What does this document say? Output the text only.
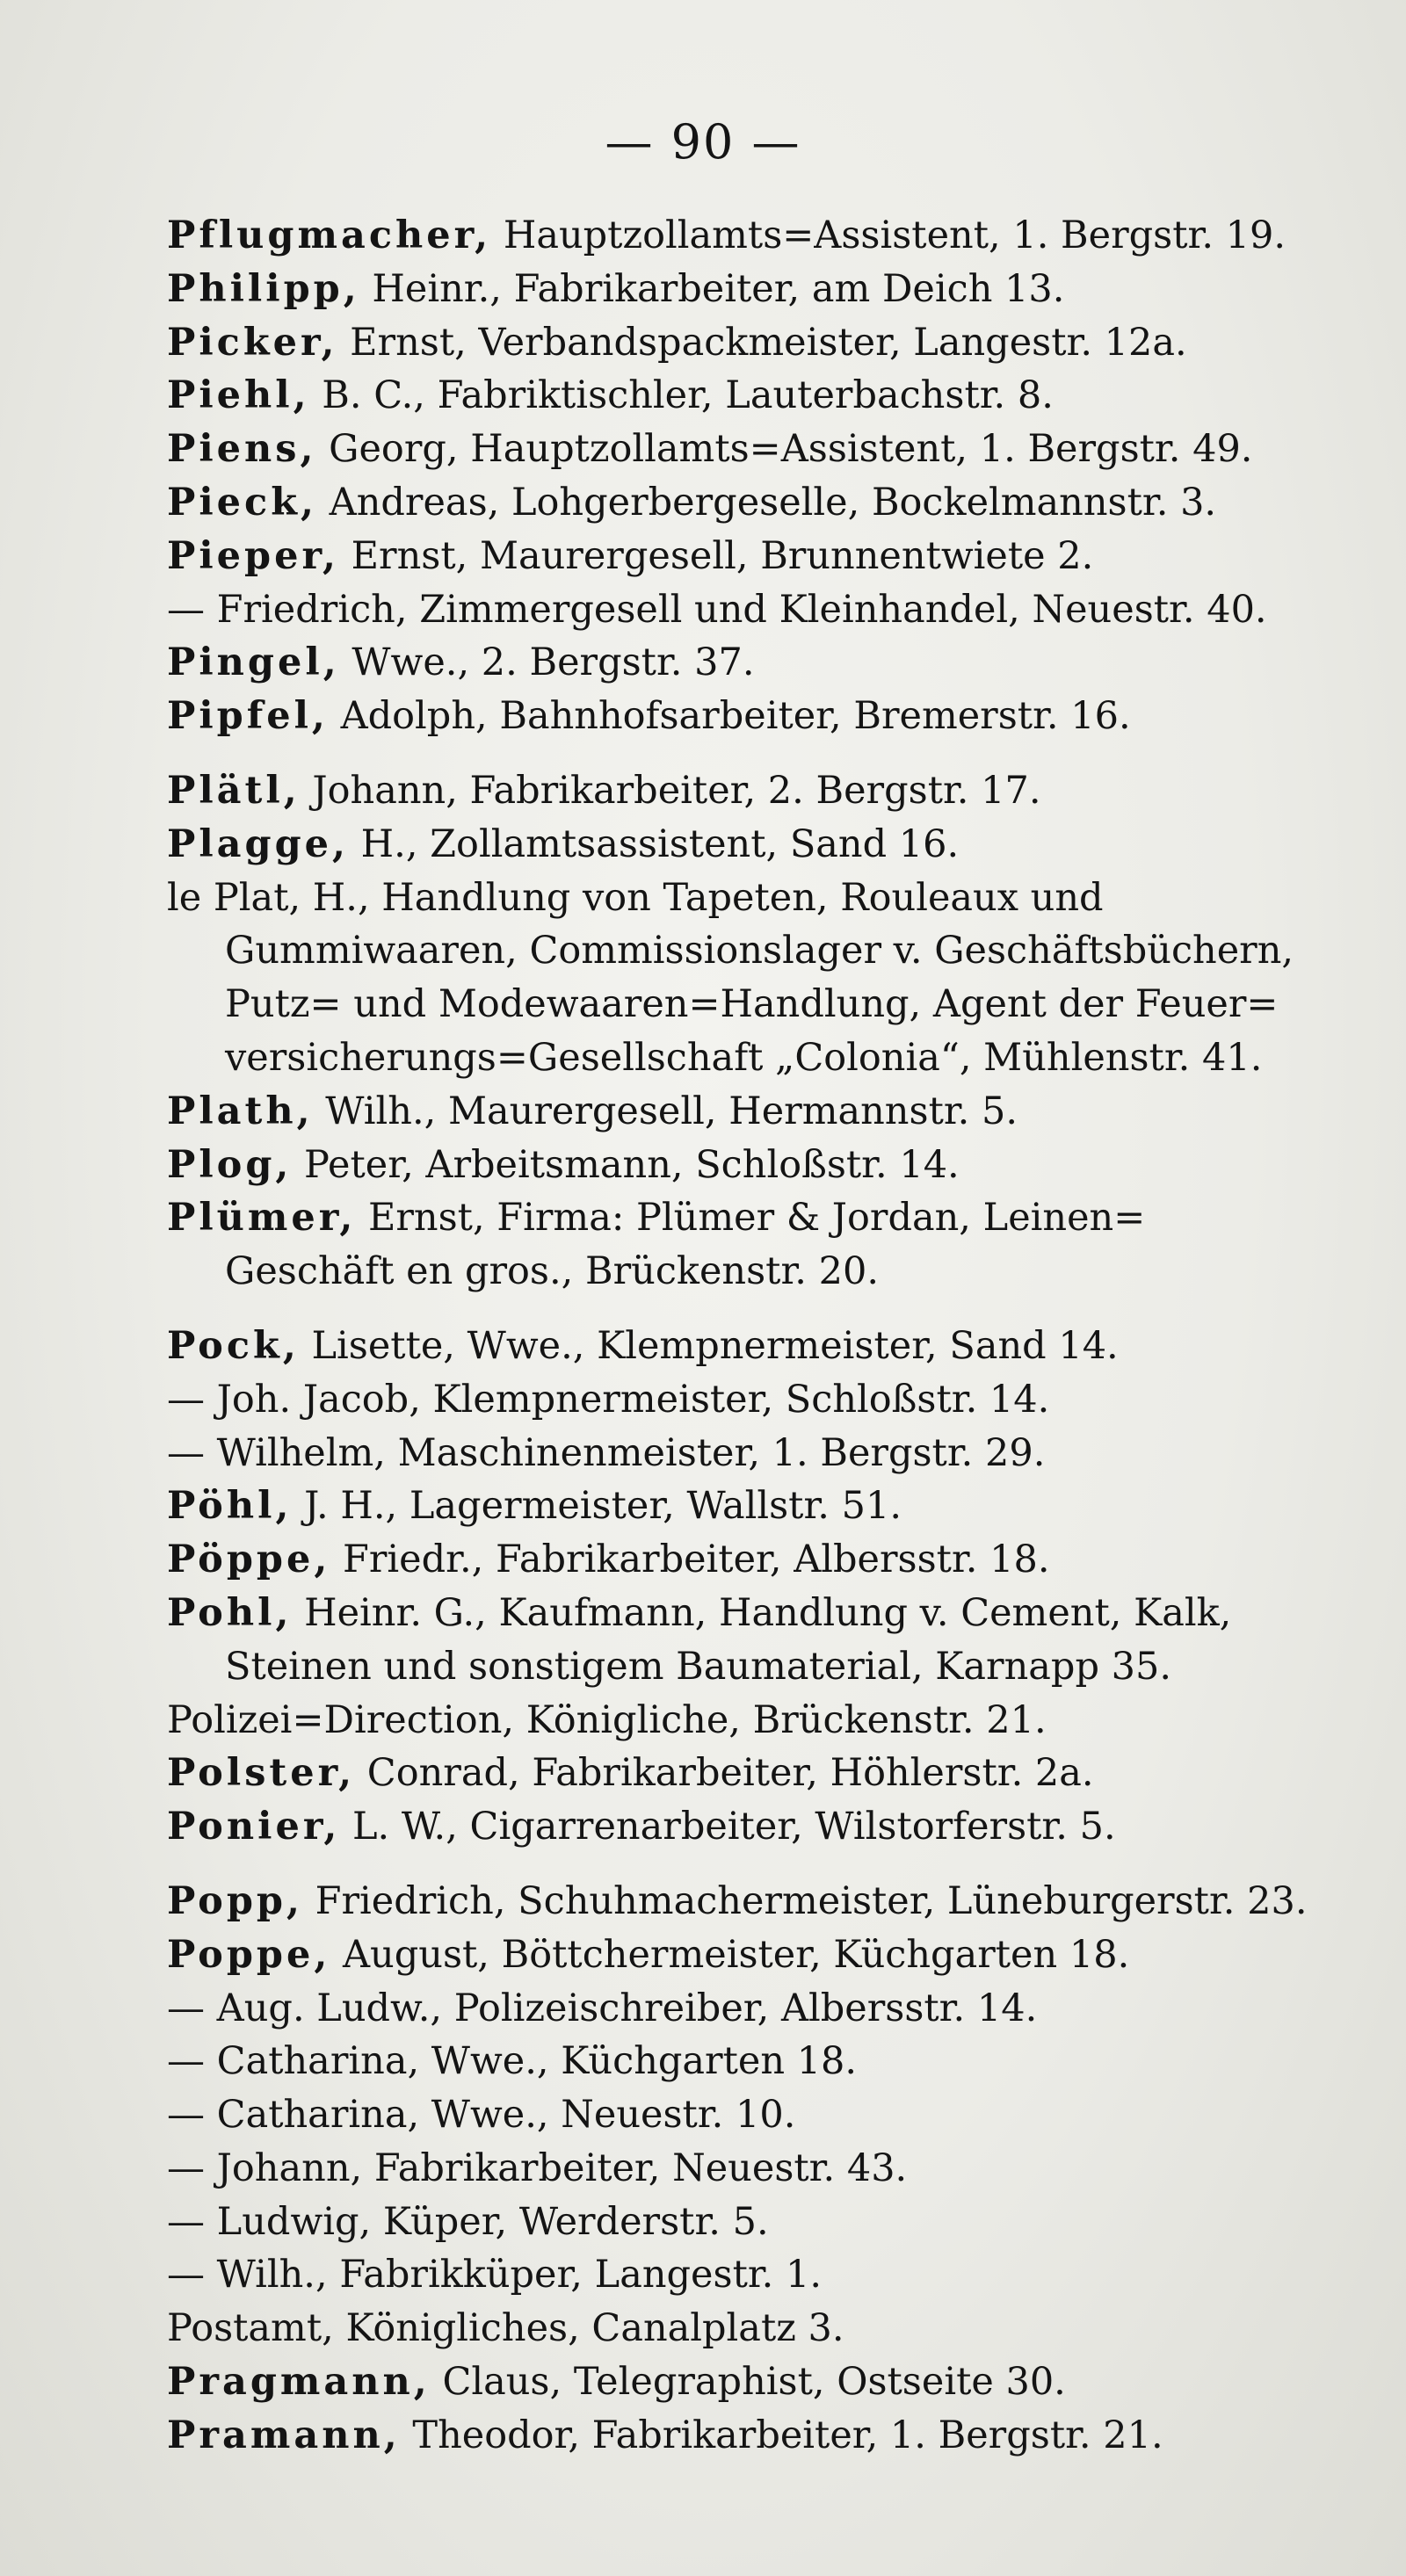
— 90 —
Pflugmacher, Hauptzollamts=Assistent, 1. Bergstr. 19.
Philipp, Heinr., Fabrikarbeiter, am Deich 13.
Picker, Ernst, Verbandspackmeister, Langestr. 12a.
Piehl, B. C., Fabriktischler, Lauterbachstr. 8.
Piens, Georg, Hauptzollamts=Assistent, 1. Bergstr. 49.
Pieck, Andreas, Lohgerbergeselle, Bockelmannstr. 3.
Pieper, Ernst, Maurergesell, Brunnentwiete 2.
— Friedrich, Zimmergesell und Kleinhandel, Neuestr. 40.
Pingel, Wwe., 2. Bergstr. 37.
Pipfel, Adolph, Bahnhofsarbeiter, Bremerstr. 16.
Plätl, Johann, Fabrikarbeiter, 2. Bergstr. 17.
Plagge, H., Zollamtsassistent, Sand 16.
le Plat, H., Handlung von Tapeten, Rouleaux und
Gummiwaaren, Commissionslager v. Geschäftsbüchern,
Putz= und Modewaaren=Handlung, Agent der Feuer=
versicherungs=Gesellschaft „Colonia“, Mühlenstr. 41.
Plath, Wilh., Maurergesell, Hermannstr. 5.
Plog, Peter, Arbeitsmann, Schloßstr. 14.
Plümer, Ernst, Firma: Plümer & Jordan, Leinen=
Geschäft en gros., Brückenstr. 20.
Pock, Lisette, Wwe., Klempnermeister, Sand 14.
— Joh. Jacob, Klempnermeister, Schloßstr. 14.
— Wilhelm, Maschinenmeister, 1. Bergstr. 29.
Pöhl, J. H., Lagermeister, Wallstr. 51.
Pöppe, Friedr., Fabrikarbeiter, Albersstr. 18.
Pohl, Heinr. G., Kaufmann, Handlung v. Cement, Kalk,
Steinen und sonstigem Baumaterial, Karnapp 35.
Polizei=Direction, Königliche, Brückenstr. 21.
Polster, Conrad, Fabrikarbeiter, Höhlerstr. 2a.
Ponier, L. W., Cigarrenarbeiter, Wilstorferstr. 5.
Popp, Friedrich, Schuhmachermeister, Lüneburgerstr. 23.
Poppe, August, Böttchermeister, Küchgarten 18.
— Aug. Ludw., Polizeischreiber, Albersstr. 14.
— Catharina, Wwe., Küchgarten 18.
— Catharina, Wwe., Neuestr. 10.
— Johann, Fabrikarbeiter, Neuestr. 43.
— Ludwig, Küper, Werderstr. 5.
— Wilh., Fabrikküper, Langestr. 1.
Postamt, Königliches, Canalplatz 3.
Pragmann, Claus, Telegraphist, Ostseite 30.
Pramann, Theodor, Fabrikarbeiter, 1. Bergstr. 21.
